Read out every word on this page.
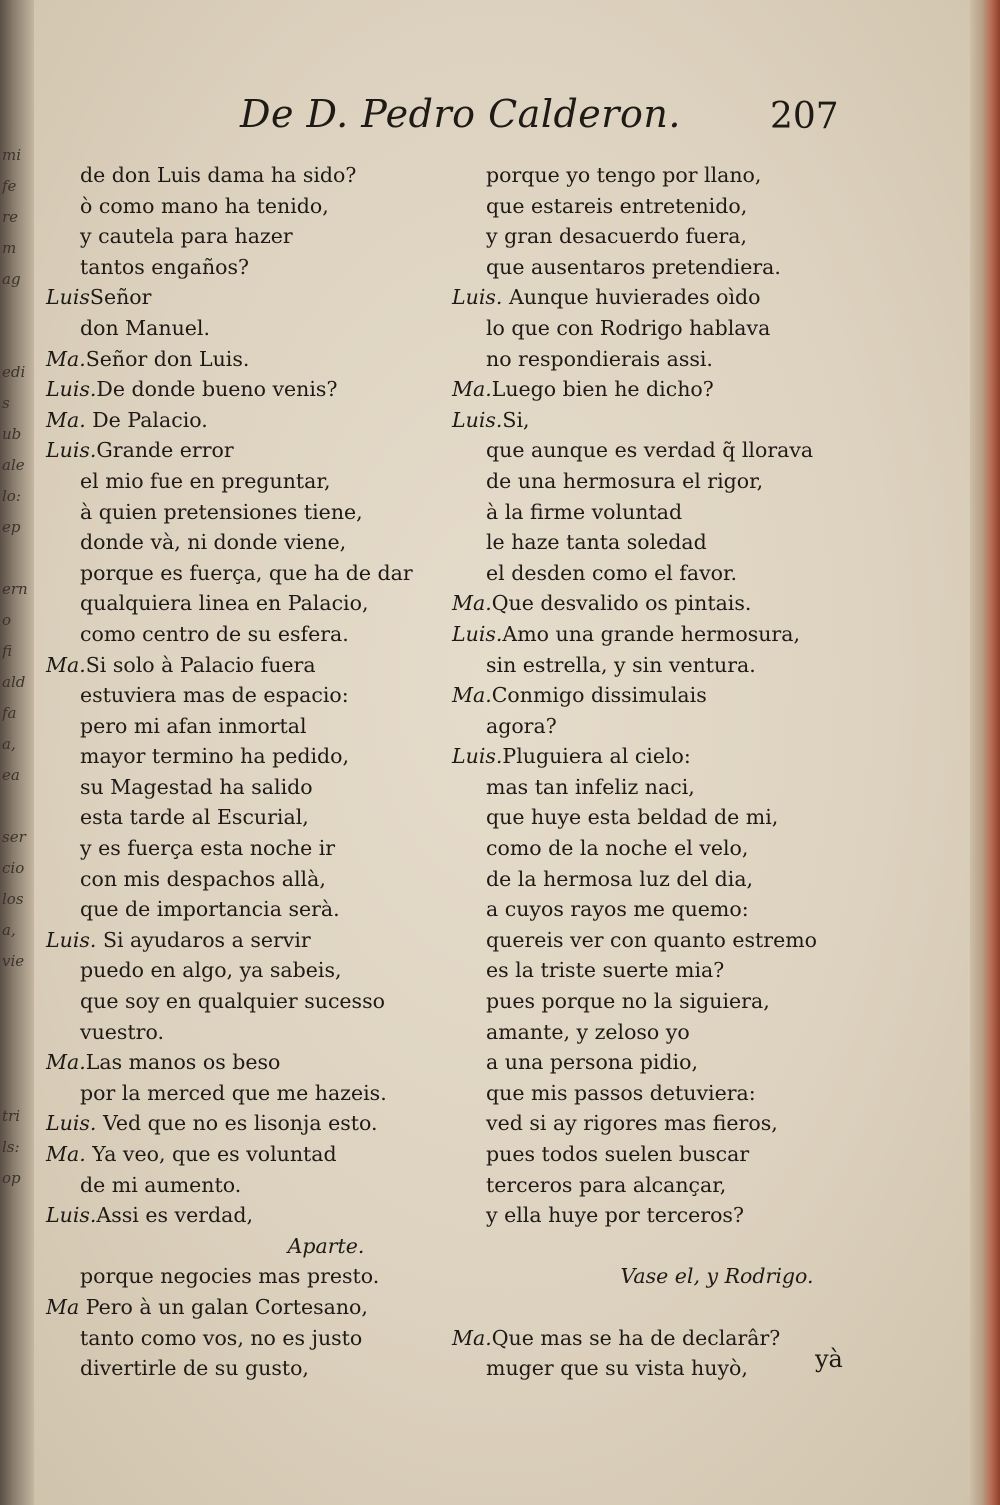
mi
fe
re
m
ag

edi
s
ub
ale
lo:
ep

ern
o
fi
ald
fa
a,
ea

ser
cio
los
a,
vie

tri
ls:
op

De D. Pedro Calderon. 207
de don Luis dama ha sido?
ò como mano ha tenido,
y cautela para hazer
tantos engaños?
LuisSeñor
don Manuel.
Ma.Señor don Luis.
Luis.De donde bueno venis?
Ma. De Palacio.
Luis.Grande error
el mio fue en preguntar,
à quien pretensiones tiene,
donde và, ni donde viene,
porque es fuerça, que ha de dar
qualquiera linea en Palacio,
como centro de su esfera.
Ma.Si solo à Palacio fuera
estuviera mas de espacio:
pero mi afan inmortal
mayor termino ha pedido,
su Magestad ha salido
esta tarde al Escurial,
y es fuerça esta noche ir
con mis despachos allà,
que de importancia serà.
Luis. Si ayudaros a servir
puedo en algo, ya sabeis,
que soy en qualquier sucesso
vuestro.
Ma.Las manos os beso
por la merced que me hazeis.
Luis. Ved que no es lisonja esto.
Ma. Ya veo, que es voluntad
de mi aumento.
Luis.Assi es verdad,
Aparte.
porque negocies mas presto.
Ma Pero à un galan Cortesano,
tanto como vos, no es justo
divertirle de su gusto,
porque yo tengo por llano,
que estareis entretenido,
y gran desacuerdo fuera,
que ausentaros pretendiera.
Luis. Aunque huvierades oìdo
lo que con Rodrigo hablava
no respondierais assi.
Ma.Luego bien he dicho?
Luis.Si,
que aunque es verdad q̃ llorava
de una hermosura el rigor,
à la firme voluntad
le haze tanta soledad
el desden como el favor.
Ma.Que desvalido os pintais.
Luis.Amo una grande hermosura,
sin estrella, y sin ventura.
Ma.Conmigo dissimulais
agora?
Luis.Pluguiera al cielo:
mas tan infeliz naci,
que huye esta beldad de mi,
como de la noche el velo,
de la hermosa luz del dia,
a cuyos rayos me quemo:
quereis ver con quanto estremo
es la triste suerte mia?
pues porque no la siguiera,
amante, y zeloso yo
a una persona pidio,
que mis passos detuviera:
ved si ay rigores mas fieros,
pues todos suelen buscar
terceros para alcançar,
y ella huye por terceros?
Vase el, y Rodrigo.
Ma.Que mas se ha de declarâr?
muger que su vista huyò,	yà
